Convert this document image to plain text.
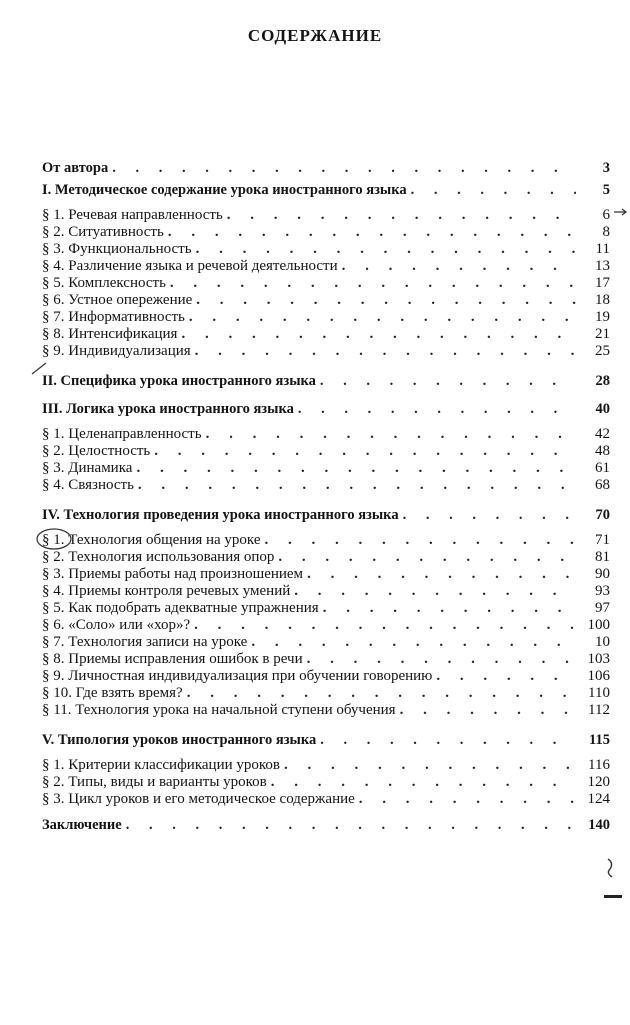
СОДЕРЖАНИЕ
От автора . . .	3
I. Методическое содержание урока иностранного языка . . .	5
§ 1. Речевая направленность . . .	6
§ 2. Ситуативность . . .	8
§ 3. Функциональность . . .	11
§ 4. Различение языка и речевой деятельности . . .	13
§ 5. Комплексность . . .	17
§ 6. Устное опережение . . .	18
§ 7. Информативность . . .	19
§ 8. Интенсификация . . .	21
§ 9. Индивидуализация . . .	25
II. Специфика урока иностранного языка . . .	28
III. Логика урока иностранного языка . . .	40
§ 1. Целенаправленность . . .	42
§ 2. Целостность . . .	48
§ 3. Динамика . . .	61
§ 4. Связность . . .	68
IV. Технология проведения урока иностранного языка . . .	70
§ 1. Технология общения на уроке . . .	71
§ 2. Технология использования опор . . .	81
§ 3. Приемы работы над произношением . . .	90
§ 4. Приемы контроля речевых умений . . .	93
§ 5. Как подобрать адекватные упражнения . . .	97
§ 6. «Соло» или «хор»? . . .	100
§ 7. Технология записи на уроке . . .	10
§ 8. Приемы исправления ошибок в речи . . .	103
§ 9. Личностная индивидуализация при обучении говорению . . .	106
§ 10. Где взять время? . . .	110
§ 11. Технология урока на начальной ступени обучения . . .	112
V. Типология уроков иностранного языка . . .	115
§ 1. Критерии классификации уроков . . .	116
§ 2. Типы, виды и варианты уроков . . .	120
§ 3. Цикл уроков и его методическое содержание . . .	124
Заключение . . .	140
